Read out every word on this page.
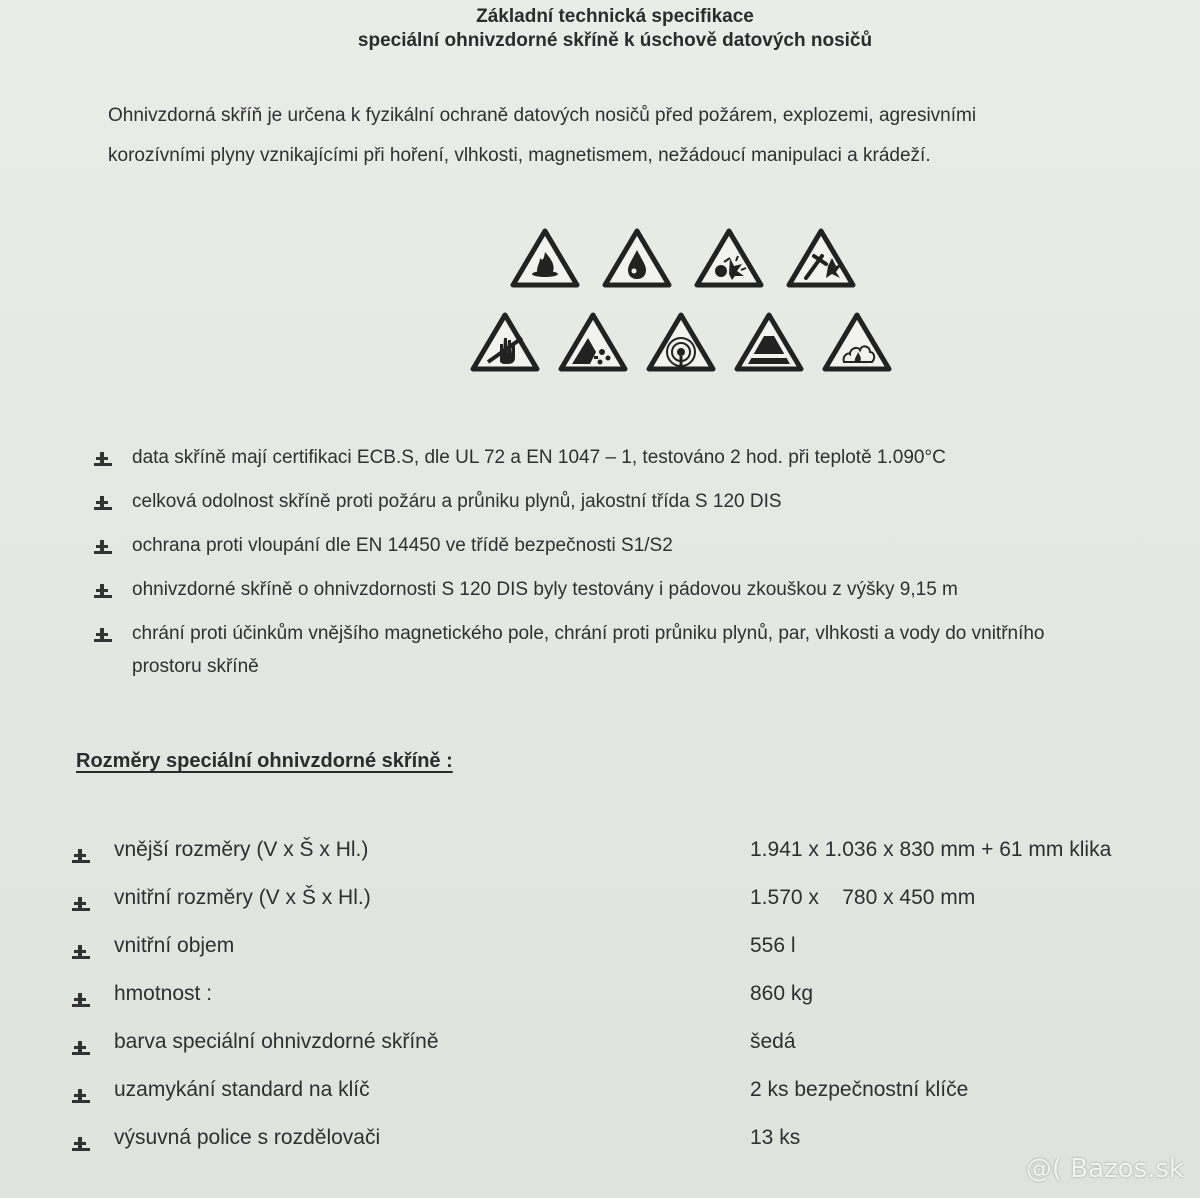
Základní technická specifikace
speciální ohnivzdorné skříně k úschově datových nosičů
Ohnivzdorná skříň je určena k fyzikální ochraně datových nosičů před požárem, explozemi, agresivními
korozívními plyny vznikajícími při hoření, vlhkosti, magnetismem, nežádoucí manipulaci a krádeží.
data skříně mají certifikaci ECB.S, dle UL 72 a EN 1047 – 1, testováno 2 hod. při teplotě 1.090°C
celková odolnost skříně proti požáru a průniku plynů, jakostní třída S 120 DIS
ochrana proti vloupání dle EN 14450 ve třídě bezpečnosti S1/S2
ohnivzdorné skříně o ohnivzdornosti S 120 DIS byly testovány i pádovou zkouškou z výšky 9,15 m
chrání proti účinkům vnějšího magnetického pole, chrání proti průniku plynů, par, vlhkosti a vody do vnitřního
prostoru skříně
Rozměry speciální ohnivzdorné skříně :
vnější rozměry (V x Š x Hl.)	1.941 x 1.036 x 830 mm + 61 mm klika
vnitřní rozměry (V x Š x Hl.)	1.570 x    780 x 450 mm
vnitřní objem	556 l
hmotnost :	860 kg
barva speciální ohnivzdorné skříně	šedá
uzamykání standard na klíč	2 ks bezpečnostní klíče
výsuvná police s rozdělovači	13 ks
@( Bazos.sk
